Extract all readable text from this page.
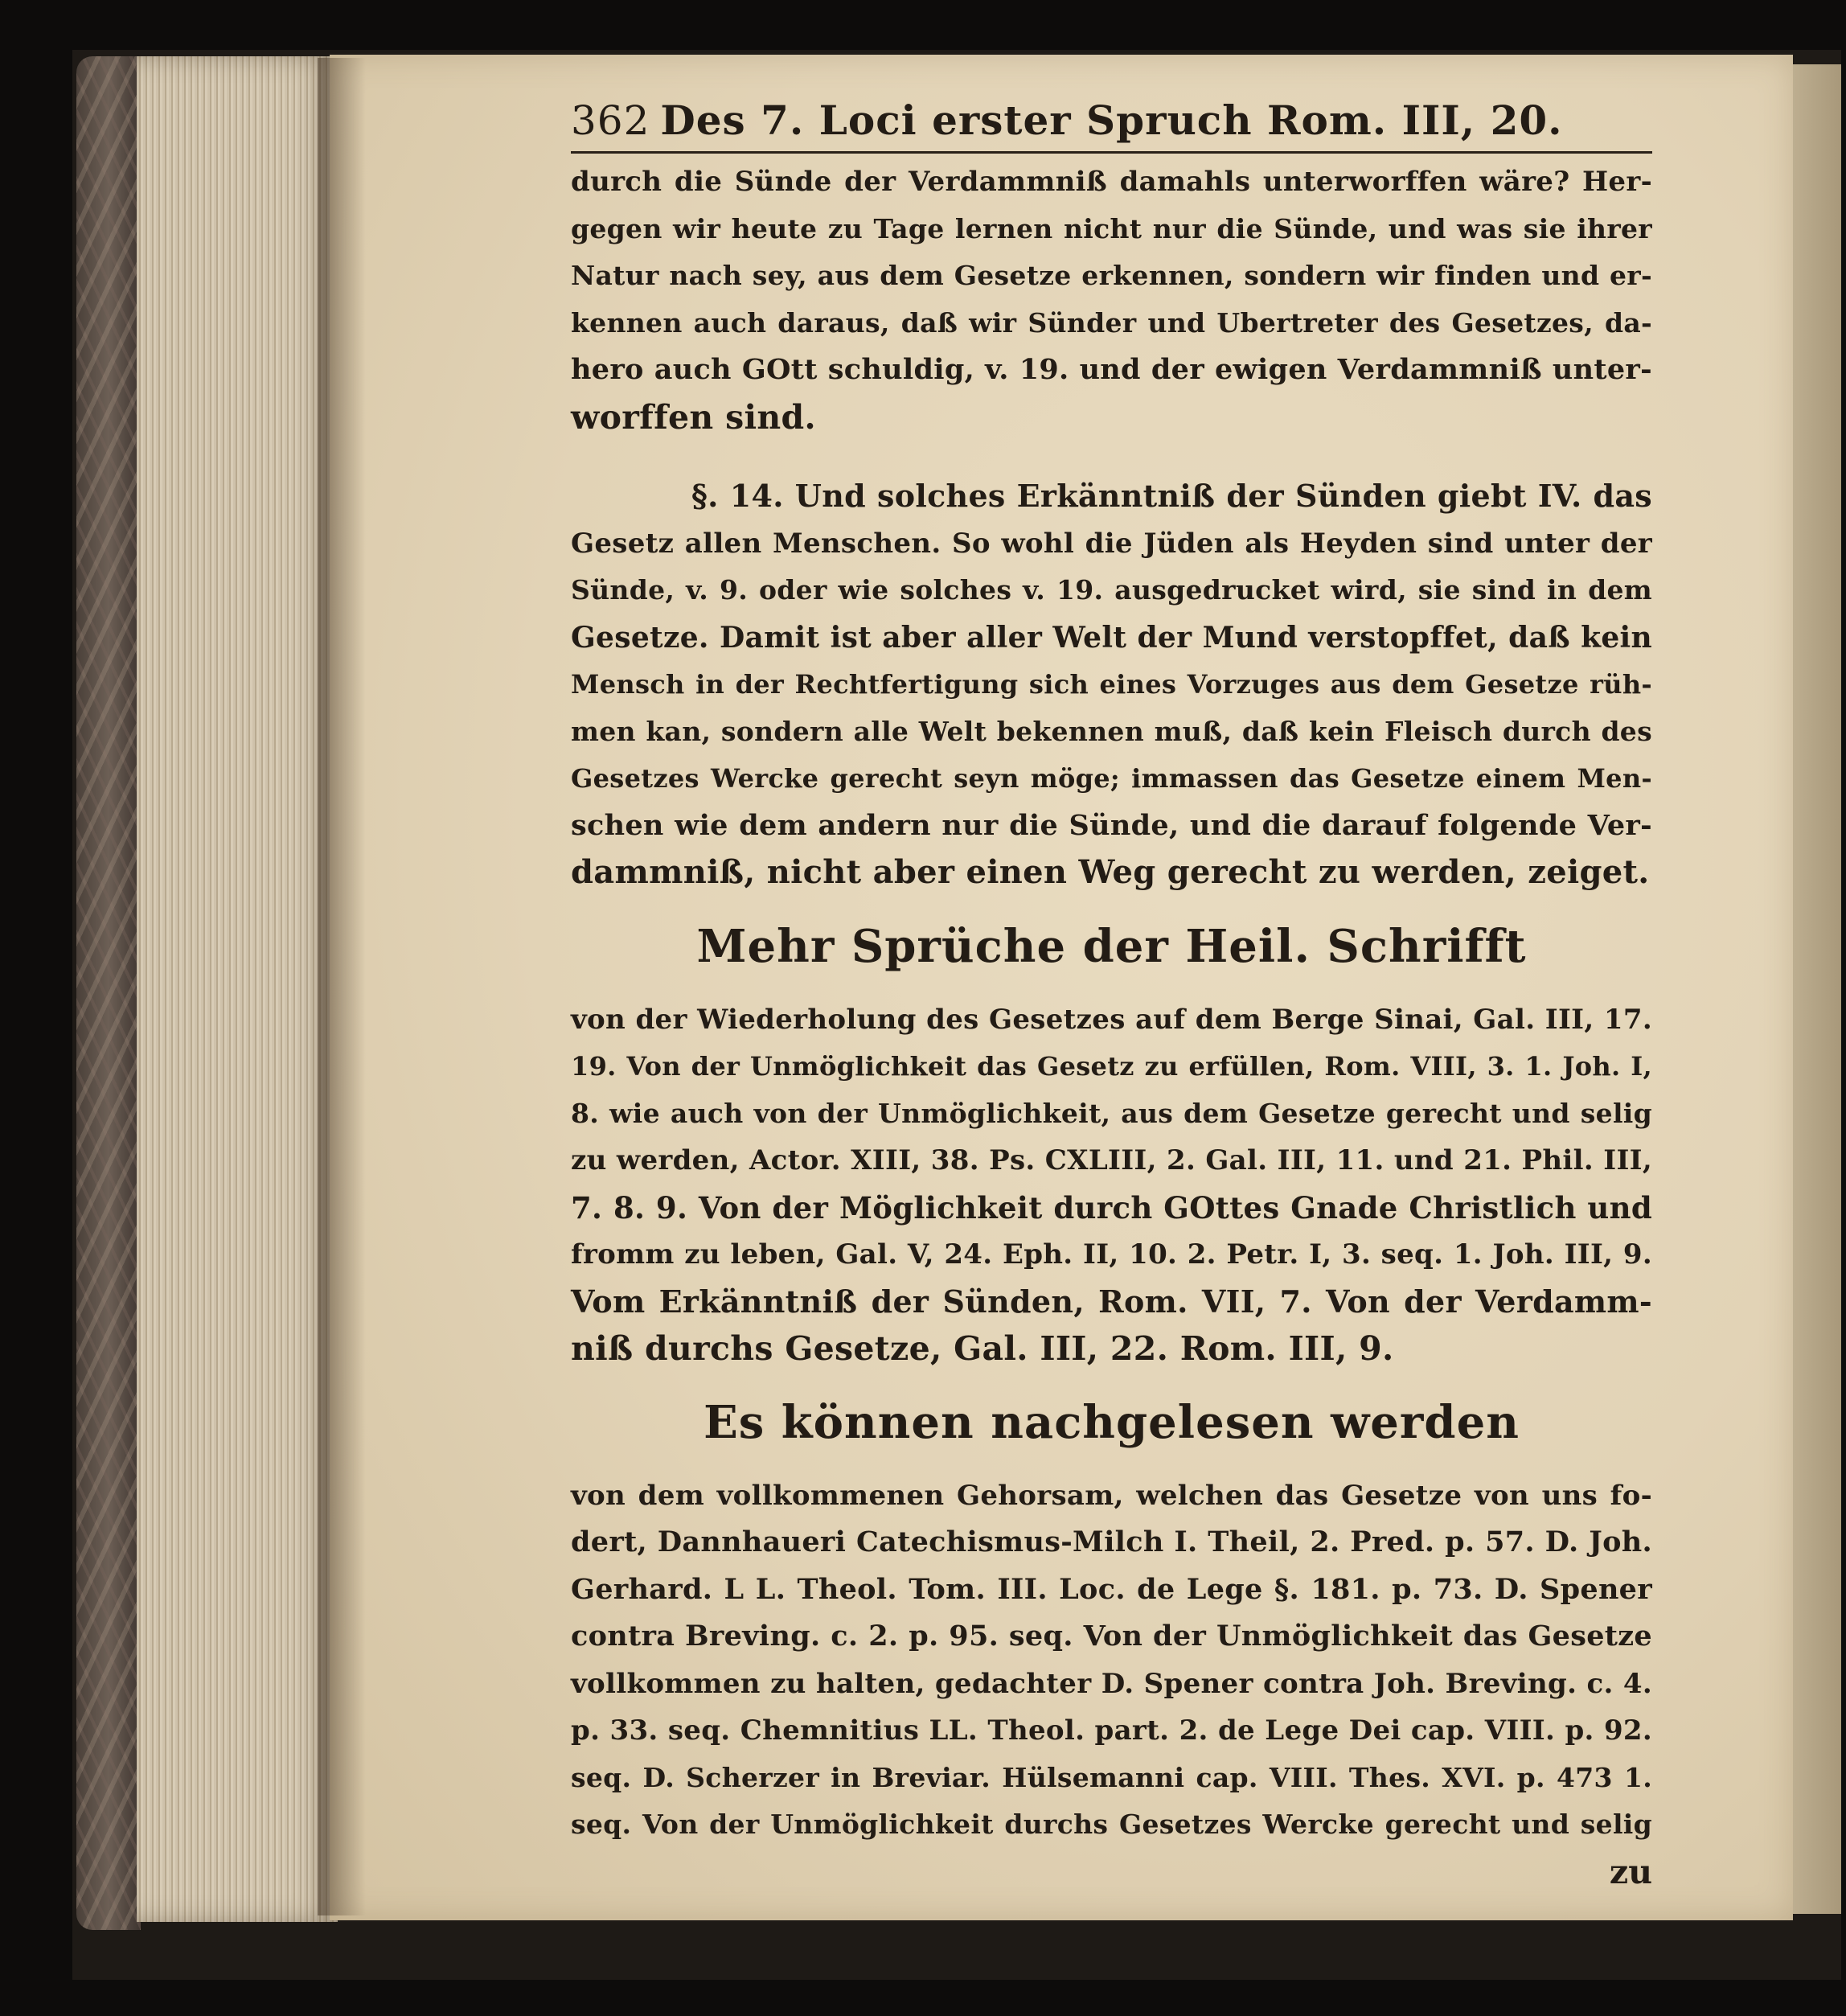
362 Des 7. Loci erster Spruch Rom. III, 20.

durch die Sünde der Verdammniß damahls unterworffen wäre? Her-
gegen wir heute zu Tage lernen nicht nur die Sünde, und was sie ihrer
Natur nach sey, aus dem Gesetze erkennen, sondern wir finden und er-
kennen auch daraus, daß wir Sünder und Ubertreter des Gesetzes, da-
hero auch GOtt schuldig, v. 19. und der ewigen Verdammniß unter-
worffen sind.

§. 14. Und solches Erkänntniß der Sünden giebt IV. das
Gesetz allen Menschen. So wohl die Jüden als Heyden sind unter der
Sünde, v. 9. oder wie solches v. 19. ausgedrucket wird, sie sind in dem
Gesetze. Damit ist aber aller Welt der Mund verstopffet, daß kein
Mensch in der Rechtfertigung sich eines Vorzuges aus dem Gesetze rüh-
men kan, sondern alle Welt bekennen muß, daß kein Fleisch durch des
Gesetzes Wercke gerecht seyn möge; immassen das Gesetze einem Men-
schen wie dem andern nur die Sünde, und die darauf folgende Ver-
dammniß, nicht aber einen Weg gerecht zu werden, zeiget.

Mehr Sprüche der Heil. Schrifft

von der Wiederholung des Gesetzes auf dem Berge Sinai, Gal. III, 17.
19. Von der Unmöglichkeit das Gesetz zu erfüllen, Rom. VIII, 3. 1. Joh. I,
8. wie auch von der Unmöglichkeit, aus dem Gesetze gerecht und selig
zu werden, Actor. XIII, 38. Ps. CXLIII, 2. Gal. III, 11. und 21. Phil. III,
7. 8. 9. Von der Möglichkeit durch GOttes Gnade Christlich und
fromm zu leben, Gal. V, 24. Eph. II, 10. 2. Petr. I, 3. seq. 1. Joh. III, 9.
Vom Erkänntniß der Sünden, Rom. VII, 7. Von der Verdamm-
niß durchs Gesetze, Gal. III, 22. Rom. III, 9.

Es können nachgelesen werden

von dem vollkommenen Gehorsam, welchen das Gesetze von uns fo-
dert, Dannhaueri Catechismus-Milch I. Theil, 2. Pred. p. 57. D. Joh.
Gerhard. L L. Theol. Tom. III. Loc. de Lege §. 181. p. 73. D. Spener
contra Breving. c. 2. p. 95. seq. Von der Unmöglichkeit das Gesetze
vollkommen zu halten, gedachter D. Spener contra Joh. Breving. c. 4.
p. 33. seq. Chemnitius LL. Theol. part. 2. de Lege Dei cap. VIII. p. 92.
seq. D. Scherzer in Breviar. Hülsemanni cap. VIII. Thes. XVI. p. 473 1.
seq. Von der Unmöglichkeit durchs Gesetzes Wercke gerecht und selig

zu
